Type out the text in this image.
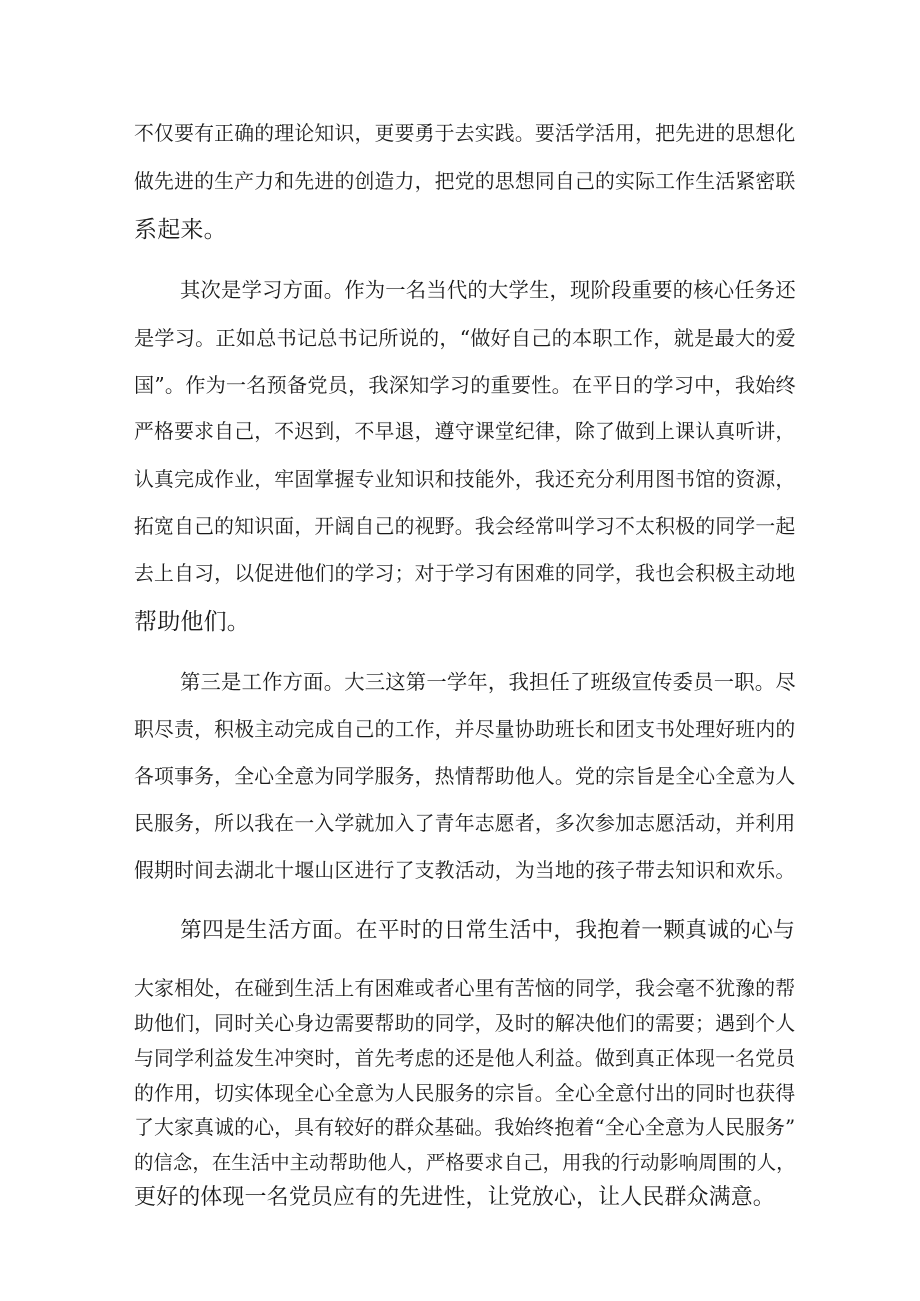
不仅要有正确的理论知识，更要勇于去实践。要活学活用，把先进的思想化
做先进的生产力和先进的创造力，把党的思想同自己的实际工作生活紧密联
系起来。
其次是学习方面。作为一名当代的大学生，现阶段重要的核心任务还
是学习。正如总书记总书记所说的，“做好自己的本职工作，就是最大的爱
国”。作为一名预备党员，我深知学习的重要性。在平日的学习中，我始终
严格要求自己，不迟到，不早退，遵守课堂纪律，除了做到上课认真听讲，
认真完成作业，牢固掌握专业知识和技能外，我还充分利用图书馆的资源，
拓宽自己的知识面，开阔自己的视野。我会经常叫学习不太积极的同学一起
去上自习，以促进他们的学习；对于学习有困难的同学，我也会积极主动地
帮助他们。
第三是工作方面。大三这第一学年，我担任了班级宣传委员一职。尽
职尽责，积极主动完成自己的工作，并尽量协助班长和团支书处理好班内的
各项事务，全心全意为同学服务，热情帮助他人。党的宗旨是全心全意为人
民服务，所以我在一入学就加入了青年志愿者，多次参加志愿活动，并利用
假期时间去湖北十堰山区进行了支教活动，为当地的孩子带去知识和欢乐。
第四是生活方面。在平时的日常生活中，我抱着一颗真诚的心与
大家相处，在碰到生活上有困难或者心里有苦恼的同学，我会毫不犹豫的帮
助他们，同时关心身边需要帮助的同学，及时的解决他们的需要；遇到个人
与同学利益发生冲突时，首先考虑的还是他人利益。做到真正体现一名党员
的作用，切实体现全心全意为人民服务的宗旨。全心全意付出的同时也获得
了大家真诚的心，具有较好的群众基础。我始终抱着“全心全意为人民服务”
的信念，在生活中主动帮助他人，严格要求自己，用我的行动影响周围的人，
更好的体现一名党员应有的先进性，让党放心，让人民群众满意。
